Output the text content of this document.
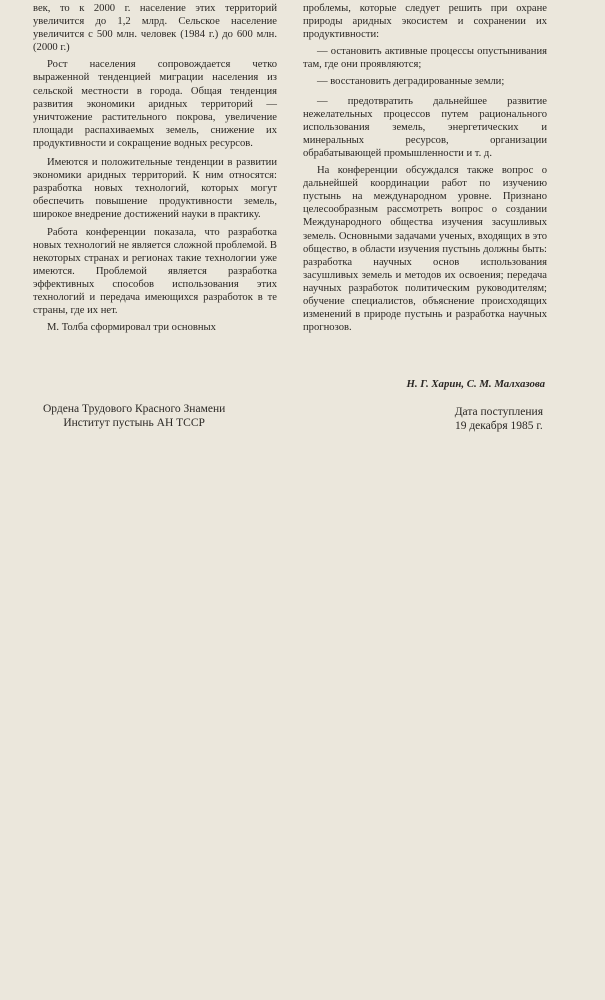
век, то к 2000 г. население этих территорий увеличится до 1,2 млрд. Сельское население увеличится с 500 млн. человек (1984 г.) до 600 млн. (2000 г.)

Рост населения сопровождается четко выраженной тенденцией миграции населения из сельской местности в города. Общая тенденция развития экономики аридных территорий — уничтожение растительного покрова, увеличение площади распахиваемых земель, снижение их продуктивности и сокращение водных ресурсов.

Имеются и положительные тенденции в развитии экономики аридных территорий. К ним относятся: разработка новых технологий, которых могут обеспечить повышение продуктивности земель, широкое внедрение достижений науки в практику.

Работа конференции показала, что разработка новых технологий не является сложной проблемой. В некоторых странах и регионах такие технологии уже имеются. Проблемой является разработка эффективных способов использования этих технологий и передача имеющихся разработок в те страны, где их нет.

М. Толба сформировал три основных

проблемы, которые следует решить при охране природы аридных экосистем и сохранении их продуктивности:

— остановить активные процессы опустынивания там, где они проявляются;

— восстановить деградированные земли;

— предотвратить дальнейшее развитие нежелательных процессов путем рационального использования земель, энергетических и минеральных ресурсов, организации обрабатывающей промышленности и т. д.

На конференции обсуждался также вопрос о дальнейшей координации работ по изучению пустынь на международном уровне. Признано целесообразным рассмотреть вопрос о создании Международного общества изучения засушливых земель. Основными задачами ученых, входящих в это общество, в области изучения пустынь должны быть: разработка научных основ использования засушливых земель и методов их освоения; передача научных разработок политическим руководителям; обучение специалистов, объяснение происходящих изменений в природе пустынь и разработка научных прогнозов.

Н. Г. Харин, С. М. Малхазова
Ордена Трудового Красного Знамени
Институт пустынь АН ТССР
Дата поступления
19 декабря 1985 г.
